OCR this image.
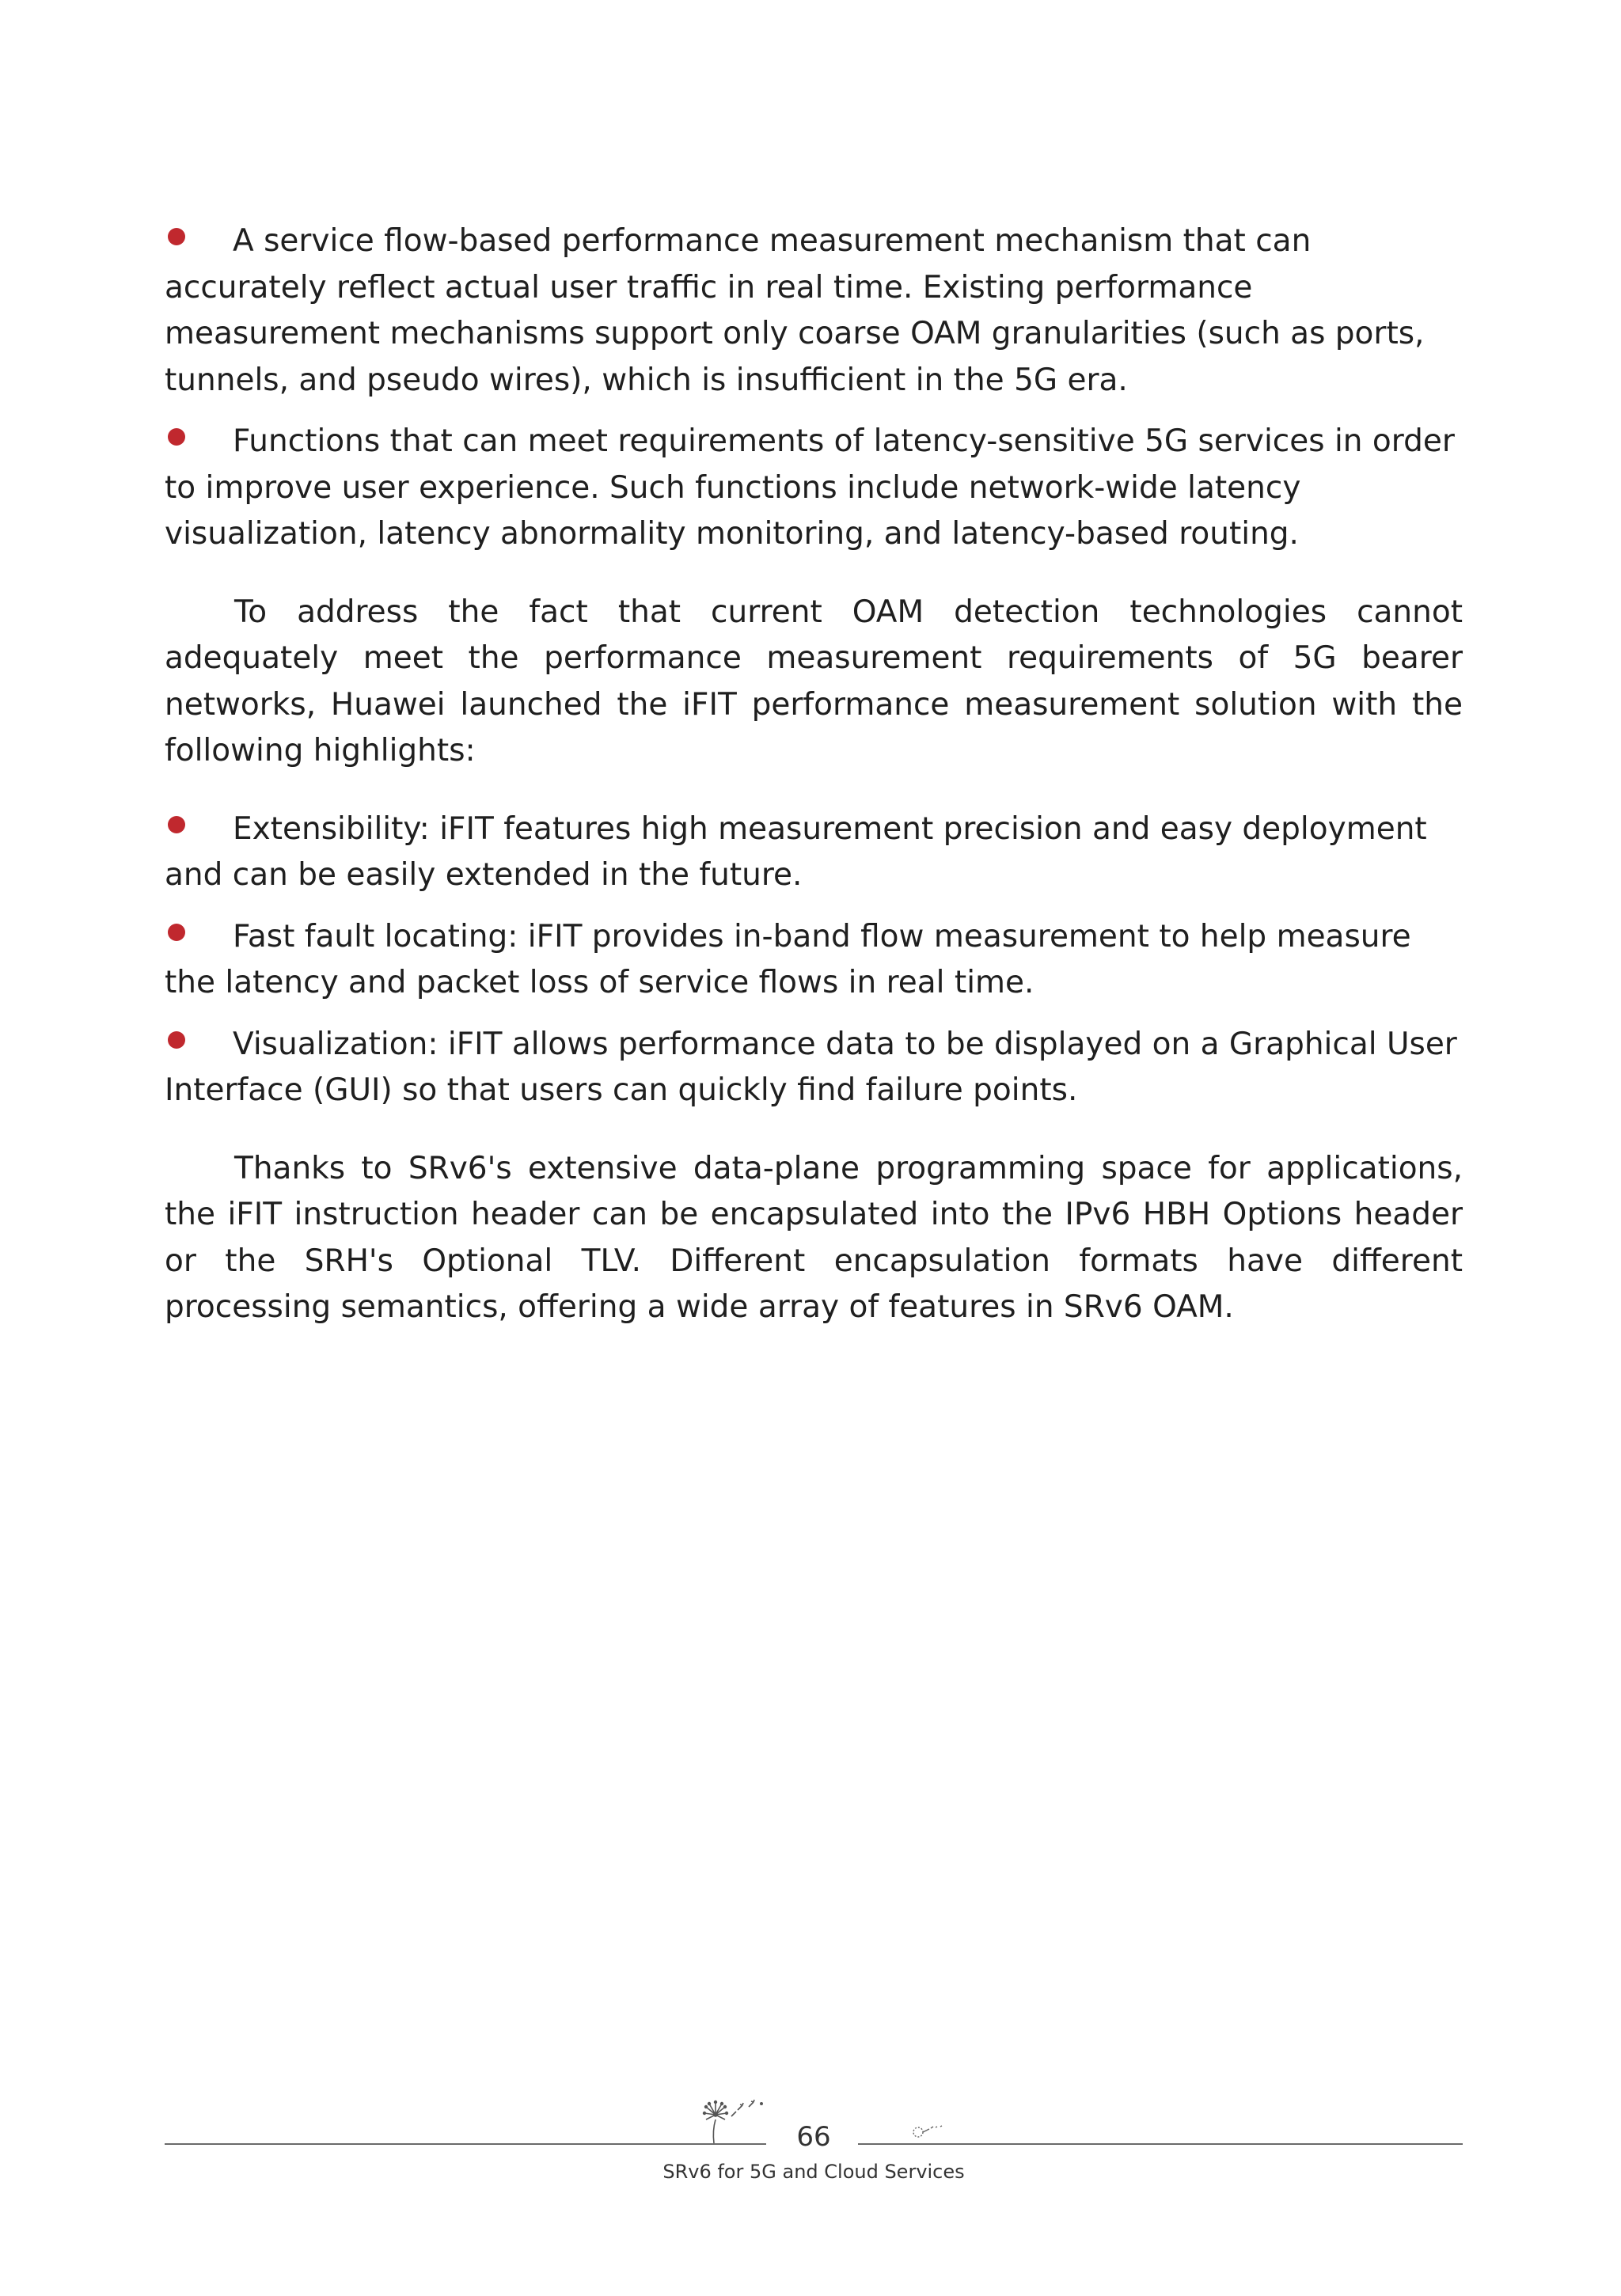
A service flow-based performance measurement mechanism that can accurately reflect actual user traffic in real time. Existing performance measurement mechanisms support only coarse OAM granularities (such as ports, tunnels, and pseudo wires), which is insufficient in the 5G era.
Functions that can meet requirements of latency-sensitive 5G services in order to improve user experience. Such functions include network-wide latency visualization, latency abnormality monitoring, and latency-based routing.

To address the fact that current OAM detection technologies cannot adequately meet the performance measurement requirements of 5G bearer networks, Huawei launched the iFIT performance measurement solution with the following highlights:

Extensibility: iFIT features high measurement precision and easy deployment and can be easily extended in the future.
Fast fault locating: iFIT provides in-band flow measurement to help measure the latency and packet loss of service flows in real time.
Visualization: iFIT allows performance data to be displayed on a Graphical User Interface (GUI) so that users can quickly find failure points.

Thanks to SRv6's extensive data-plane programming space for applications, the iFIT instruction header can be encapsulated into the IPv6 HBH Options header or the SRH's Optional TLV. Different encapsulation formats have different processing semantics, offering a wide array of features in SRv6 OAM.

66
SRv6 for 5G and Cloud Services
